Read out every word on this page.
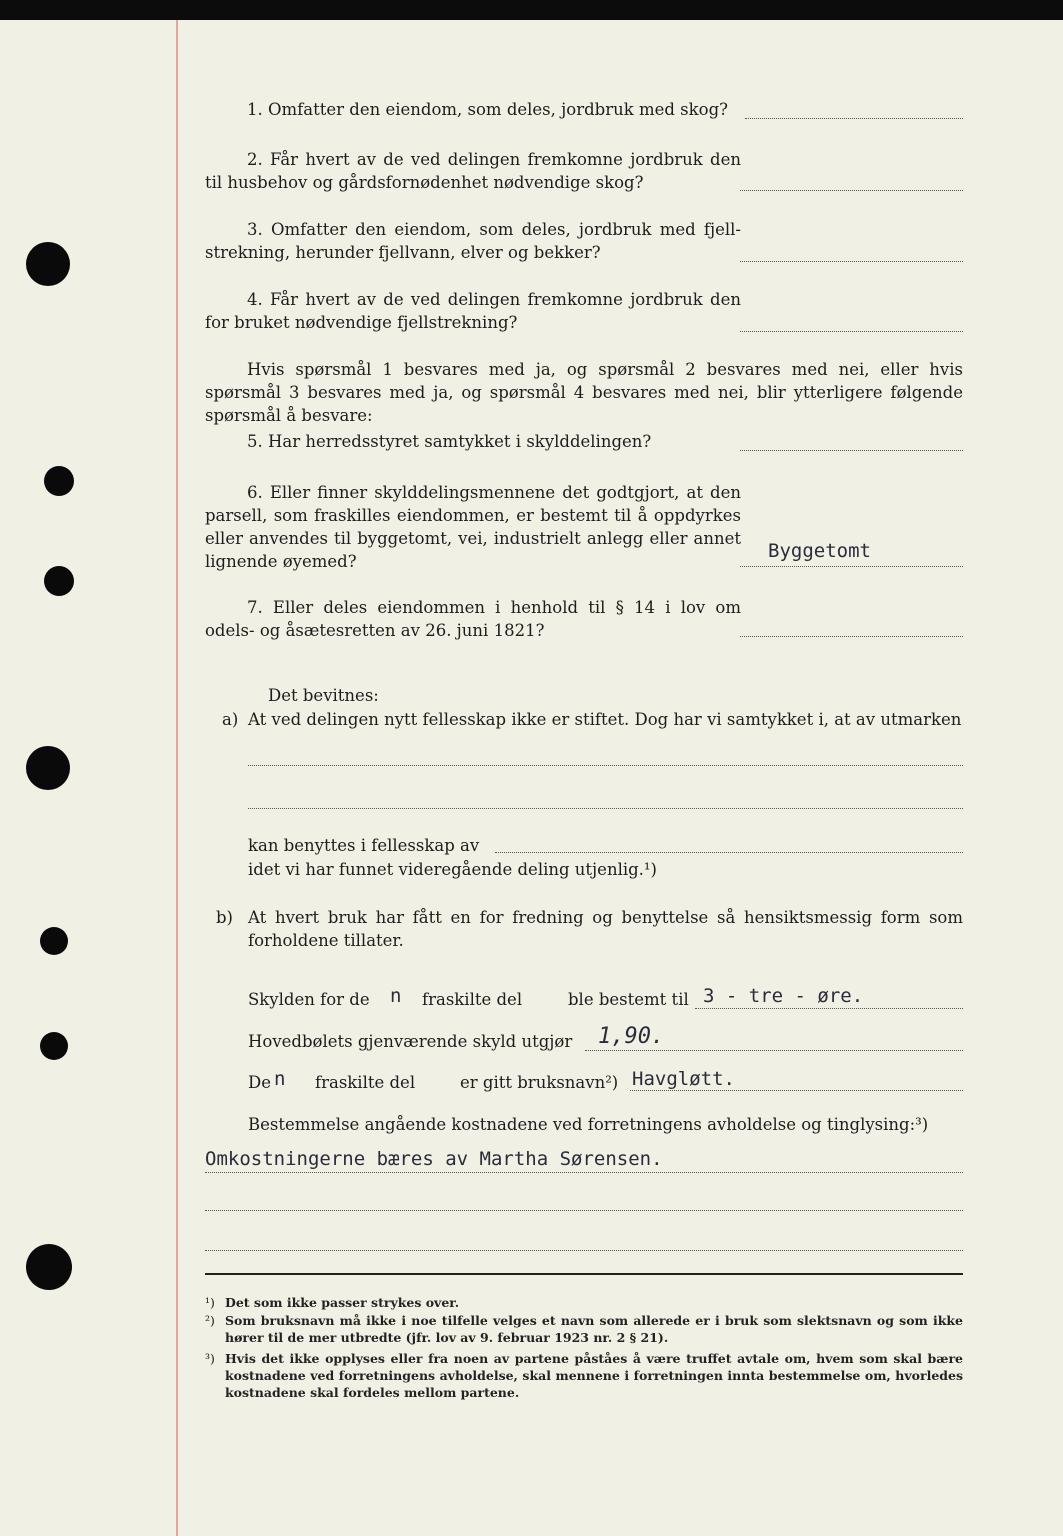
1. Omfatter den eiendom, som deles, jordbruk med skog?
2. Får hvert av de ved delingen fremkomne jordbruk den til husbehov og gårdsfornødenhet nødvendige skog?
3. Omfatter den eiendom, som deles, jordbruk med fjell- strekning, herunder fjellvann, elver og bekker?
4. Får hvert av de ved delingen fremkomne jordbruk den for bruket nødvendige fjellstrekning?
Hvis spørsmål 1 besvares med ja, og spørsmål 2 besvares med nei, eller hvis spørsmål 3 besvares med ja, og spørsmål 4 besvares med nei, blir ytterligere følgende spørsmål å besvare:
5. Har herredsstyret samtykket i skylddelingen?
6. Eller finner skylddelingsmennene det godtgjort, at den parsell, som fraskilles eiendommen, er bestemt til å oppdyrkes eller anvendes til byggetomt, vei, industrielt anlegg eller annet lignende øyemed?	Byggetomt
7. Eller deles eiendommen i henhold til § 14 i lov om odels- og åsætesretten av 26. juni 1821?
Det bevitnes:
a) At ved delingen nytt fellesskap ikke er stiftet. Dog har vi samtykket i, at av utmarken
kan benyttes i fellesskap av
idet vi har funnet videregående deling utjenlig.¹)
b) At hvert bruk har fått en for fredning og benyttelse så hensiktsmessig form som forholdene tillater.
Skylden for de n fraskilte del	ble bestemt til 3 - tre - øre.
Hovedbølets gjenværende skyld utgjør 1,90.
De n fraskilte del	er gitt bruksnavn²) Havgløtt.
Bestemmelse angående kostnadene ved forretningens avholdelse og tinglysing:³)
Omkostningerne bæres av Martha Sørensen.
¹) Det som ikke passer strykes over.
²) Som bruksnavn må ikke i noe tilfelle velges et navn som allerede er i bruk som slektsnavn og som ikke hører til de mer utbredte (jfr. lov av 9. februar 1923 nr. 2 § 21).
³) Hvis det ikke opplyses eller fra noen av partene påståes å være truffet avtale om, hvem som skal bære kostnadene ved forretningens avholdelse, skal mennene i forretningen innta bestemmelse om, hvorledes kostnadene skal fordeles mellom partene.
